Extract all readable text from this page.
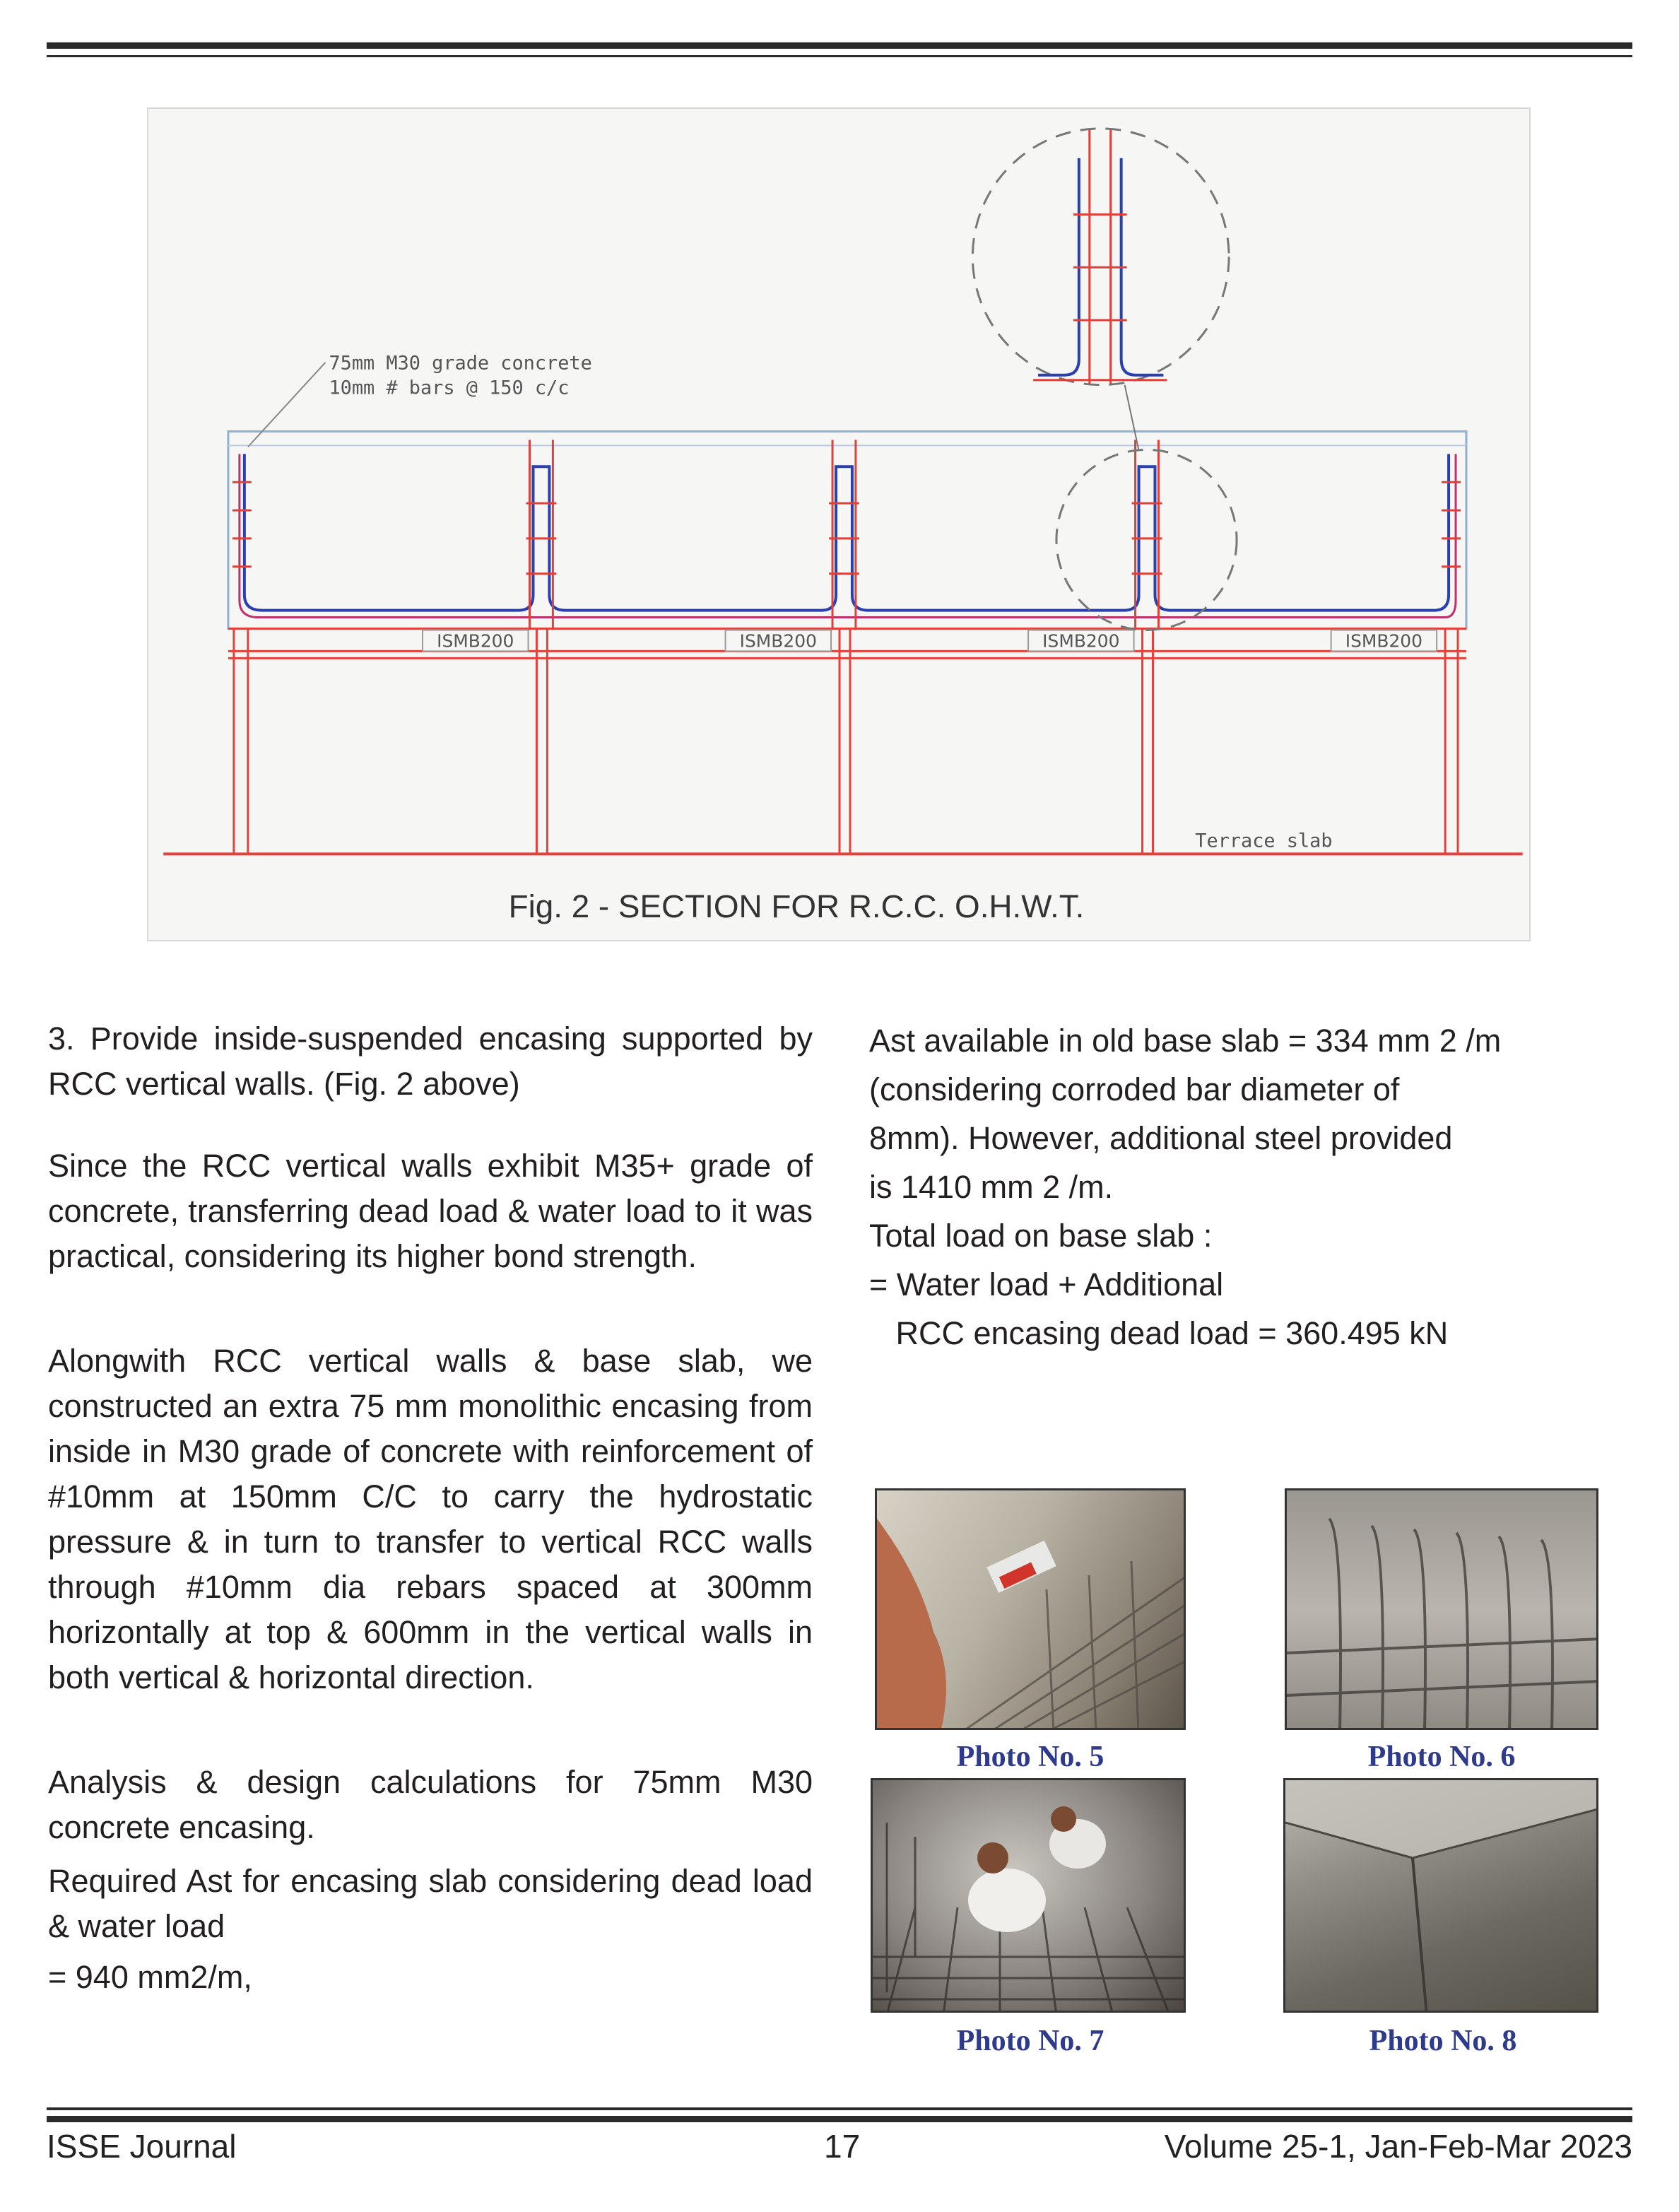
ISMB200	ISMB200	ISMB200	ISMB200
75mm M30 grade concrete
10mm # bars @ 150 c/c
Terrace slab
Fig. 2 - SECTION FOR R.C.C. O.H.W.T.

3. Provide inside-suspended encasing supported by RCC vertical walls. (Fig. 2 above)

Since the RCC vertical walls exhibit M35+ grade of concrete, transferring dead load & water load to it was practical, considering its higher bond strength.

Alongwith RCC vertical walls & base slab, we constructed an extra 75 mm monolithic encasing from inside in M30 grade of concrete with reinforcement of #10mm at 150mm C/C to carry the hydrostatic pressure & in turn to transfer to vertical RCC walls through #10mm dia rebars spaced at 300mm horizontally at top & 600mm in the vertical walls in both vertical & horizontal direction.

Analysis & design calculations for 75mm M30 concrete encasing.

Required Ast for encasing slab considering dead load & water load

= 940 mm2/m,

Ast available in old base slab = 334 mm 2 /m

(considering corroded bar diameter of

8mm). However, additional steel provided

is 1410 mm 2 /m.

Total load on base slab :

= Water load + Additional

RCC encasing dead load = 360.495 kN

Photo No. 5	Photo No. 6
Photo No. 7	Photo No. 8
ISSE Journal	17	Volume 25-1, Jan-Feb-Mar 2023
